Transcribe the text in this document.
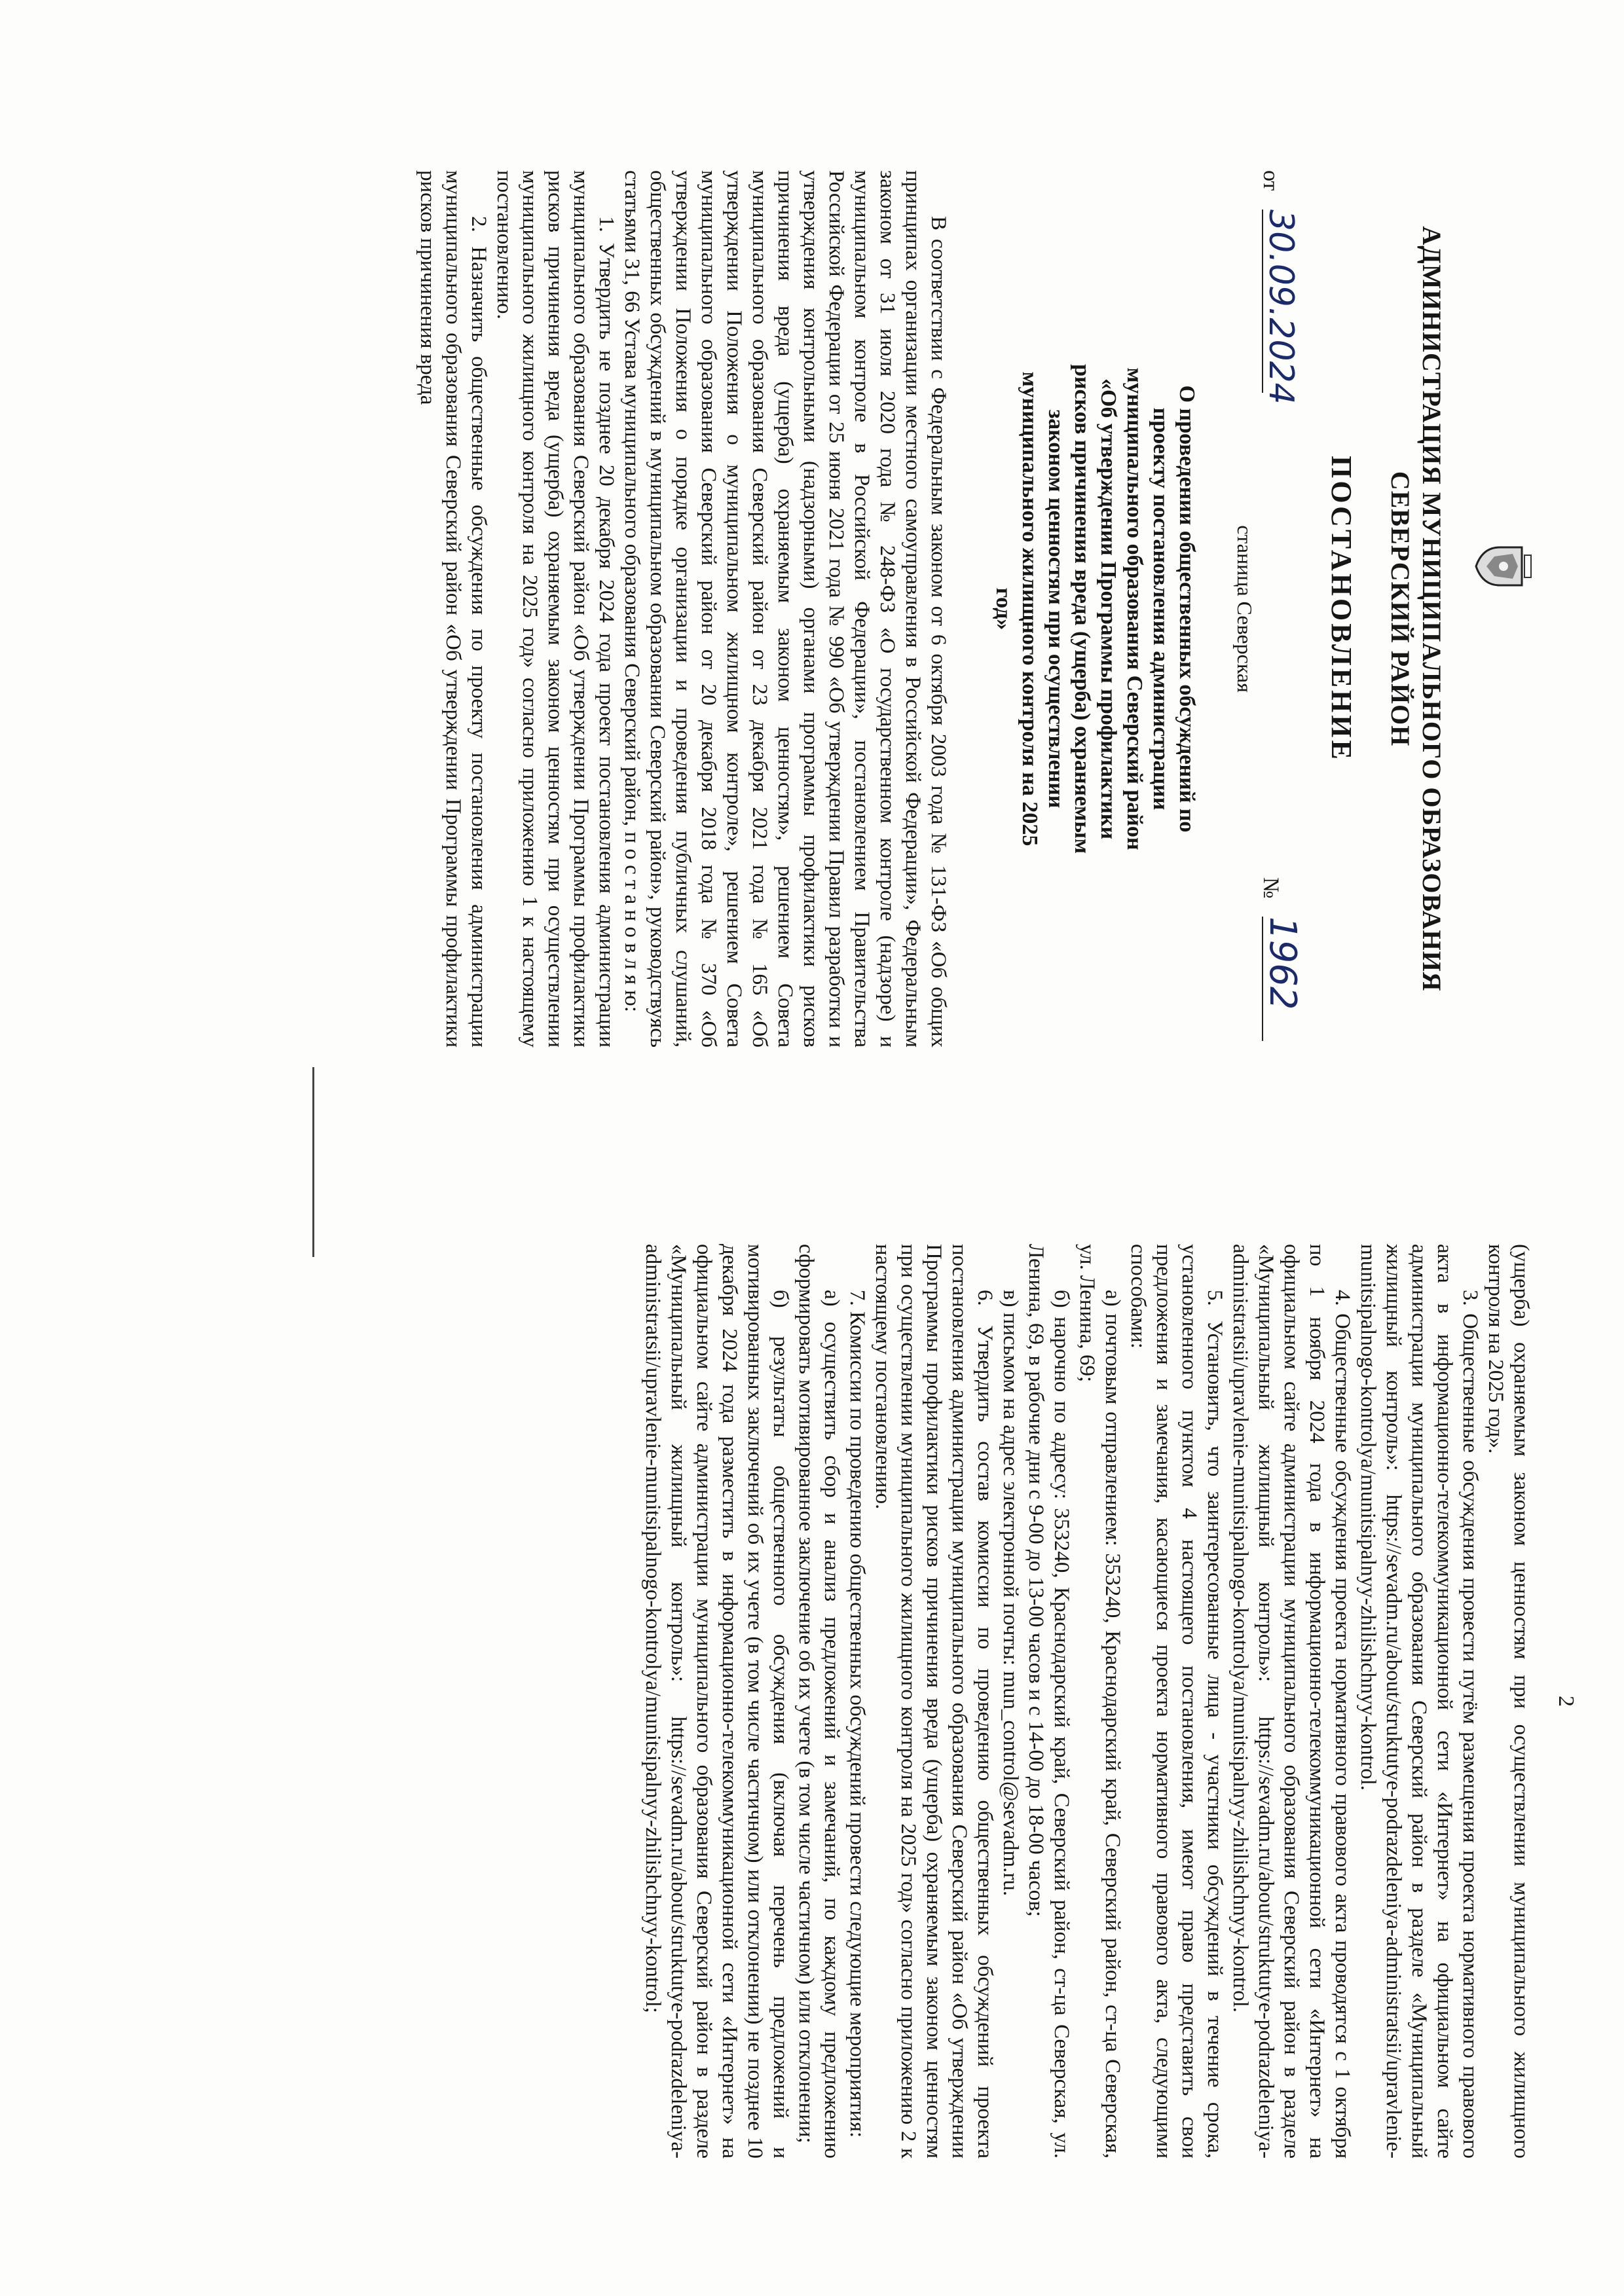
АДМИНИСТРАЦИЯ МУНИЦИПАЛЬНОГО ОБРАЗОВАНИЯ
СЕВЕРСКИЙ РАЙОН
ПОСТАНОВЛЕНИЕ
от
30.09.2024
№
1962
станица Северская
О проведении общественных обсуждений по проекту постановления администрации муниципального образования Северский район «Об утверждении Программы профилактики рисков причинения вреда (ущерба) охраняемым законом ценностям при осуществлении муниципального жилищного контроля на 2025 год»

В соответствии с Федеральным законом от 6 октября 2003 года № 131-ФЗ «Об общих принципах организации местного самоуправления в Российской Федерации», Федеральным законом от 31 июля 2020 года № 248-ФЗ «О государственном контроле (надзоре) и муниципальном контроле в Российской Федерации», постановлением Правительства Российской Федерации от 25 июня 2021 года № 990 «Об утверждении Правил разработки и утверждения контрольными (надзорными) органами программы профилактики рисков причинения вреда (ущерба) охраняемым законом ценностям», решением Совета муниципального образования Северский район от 23 декабря 2021 года № 165 «Об утверждении Положения о муниципальном жилищном контроле», решением Совета муниципального образования Северский район от 20 декабря 2018 года № 370 «Об утверждении Положения о порядке организации и проведения публичных слушаний, общественных обсуждений в муниципальном образовании Северский район», руководствуясь статьями 31, 66 Устава муниципального образования Северский район, п о с т а н о в л я ю:

1. Утвердить не позднее 20 декабря 2024 года проект постановления администрации муниципального образования Северский район «Об утверждении Программы профилактики рисков причинения вреда (ущерба) охраняемым законом ценностям при осуществлении муниципального жилищного контроля на 2025 год» согласно приложению 1 к настоящему постановлению.

2. Назначить общественные обсуждения по проекту постановления администрации муниципального образования Северский район «Об утверждении Программы профилактики рисков причинения вреда

2

(ущерба) охраняемым законом ценностям при осуществлении муниципального жилищного контроля на 2025 год».

3. Общественные обсуждения провести путём размещения проекта нормативного правового акта в информационно-телекоммуникационной сети «Интернет» на официальном сайте администрации муниципального образования Северский район в разделе «Муниципальный жилищный контроль»: https://sevadm.ru/about/struktutye-podrazdeleniya-administratsii/upravlenie-munitsipalnogo-kontrolya/munitsipalnyy-zhilishchnyy-kontrol.

4. Общественные обсуждения проекта нормативного правового акта проводятся с 1 октября по 1 ноября 2024 года в информационно-телекоммуникационной сети «Интернет» на официальном сайте администрации муниципального образования Северский район в разделе «Муниципальный жилищный контроль»: https://sevadm.ru/about/struktutye-podrazdeleniya-administratsii/upravlenie-munitsipalnogo-kontrolya/munitsipalnyy-zhilishchnyy-kontrol.

5. Установить, что заинтересованные лица - участники обсуждений в течение срока, установленного пунктом 4 настоящего постановления, имеют право представить свои предложения и замечания, касающиеся проекта нормативного правового акта, следующими способами:

а) почтовым отправлением: 353240, Краснодарский край, Северский район, ст-ца Северская, ул. Ленина, 69;

б) нарочно по адресу: 353240, Краснодарский край, Северский район, ст-ца Северская, ул. Ленина, 69, в рабочие дни с 9-00 до 13-00 часов и с 14-00 до 18-00 часов;

в) письмом на адрес электронной почты: mun_control@sevadm.ru.

6. Утвердить состав комиссии по проведению общественных обсуждений проекта постановления администрации муниципального образования Северский район «Об утверждении Программы профилактики рисков причинения вреда (ущерба) охраняемым законом ценностям при осуществлении муниципального жилищного контроля на 2025 год» согласно приложению 2 к настоящему постановлению.

7. Комиссии по проведению общественных обсуждений провести следующие мероприятия:

а) осуществить сбор и анализ предложений и замечаний, по каждому предложению сформировать мотивированное заключение об их учете (в том числе частичном) или отклонении;

б) результаты общественного обсуждения (включая перечень предложений и мотивированных заключений об их учете (в том числе частичном) или отклонении) не позднее 10 декабря 2024 года разместить в информационно-телекоммуникационной сети «Интернет» на официальном сайте администрации муниципального образования Северский район в разделе «Муниципальный жилищный контроль»: https://sevadm.ru/about/struktutye-podrazdeleniya-administratsii/upravlenie-munitsipalnogo-kontrolya/munitsipalnyy-zhilishchnyy-kontrol;
